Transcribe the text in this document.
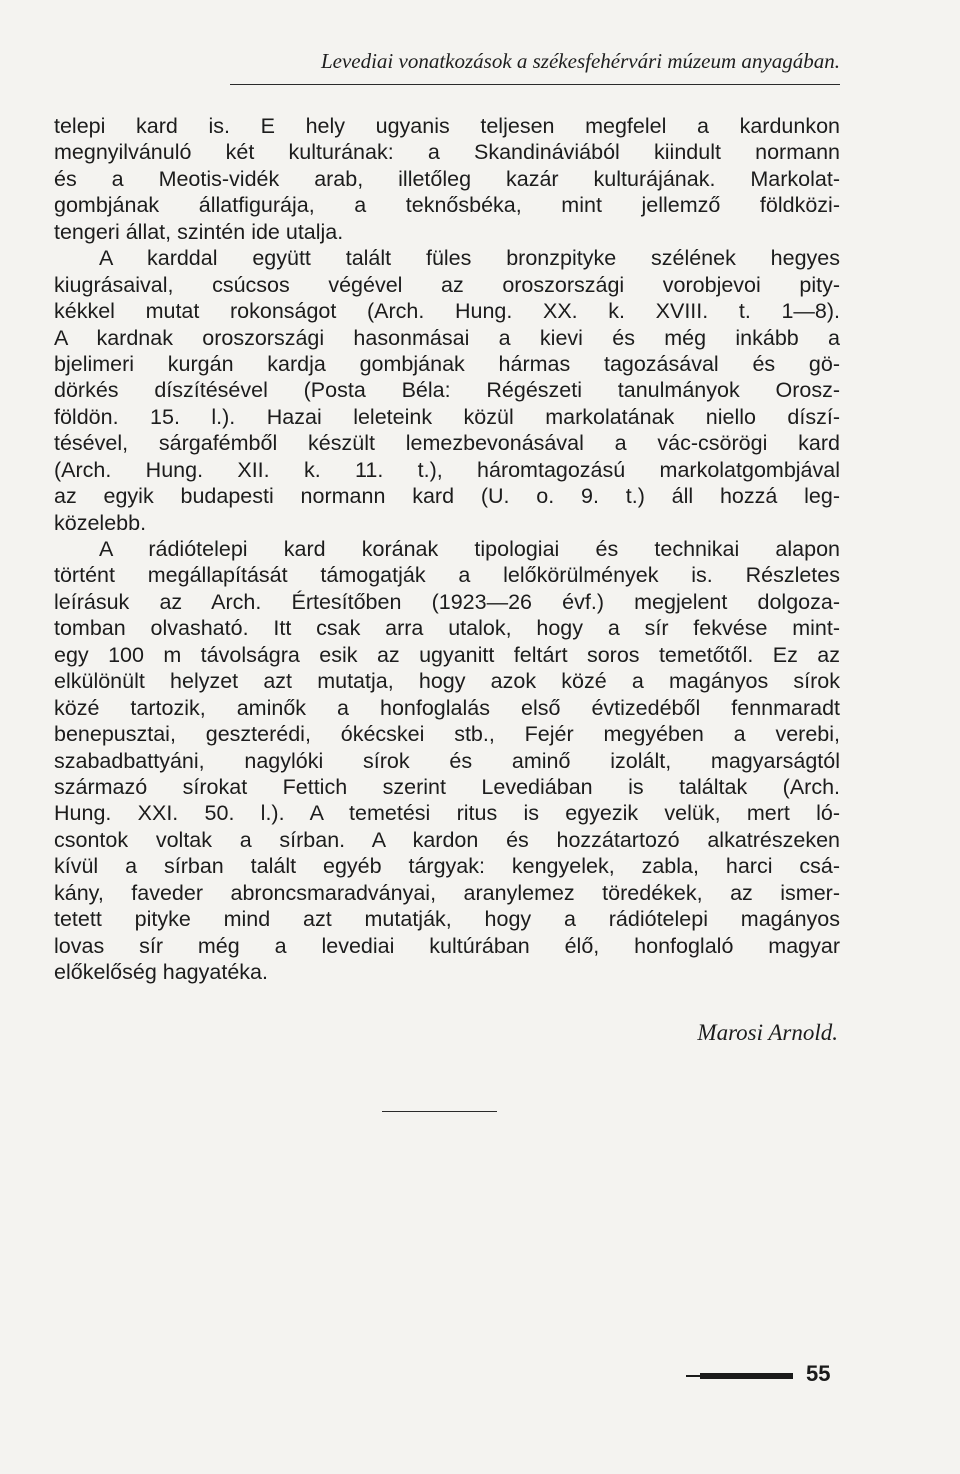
Levediai vonatkozások a székesfehérvári múzeum anyagában.
telepi kard is. E hely ugyanis teljesen megfelel a kardunkon
megnyilvánuló két kulturának: a Skandináviából kiindult normann
és a Meotis-vidék arab, illetőleg kazár kulturájának. Markolat-
gombjának állatfigurája, a teknősbéka, mint jellemző földközi-
tengeri állat, szintén ide utalja.
A karddal együtt talált füles bronzpityke szélének hegyes
kiugrásaival, csúcsos végével az oroszországi vorobjevoi pity-
kékkel mutat rokonságot (Arch. Hung. XX. k. XVIII. t. 1—8).
A kardnak oroszországi hasonmásai a kievi és még inkább a
bjelimeri kurgán kardja gombjának hármas tagozásával és gö-
dörkés díszítésével (Posta Béla: Régészeti tanulmányok Orosz-
földön. 15. l.). Hazai leleteink közül markolatának niello díszí-
tésével, sárgafémből készült lemezbevonásával a vác-csörögi kard
(Arch. Hung. XII. k. 11. t.), háromtagozású markolatgombjával
az egyik budapesti normann kard (U. o. 9. t.) áll hozzá leg-
közelebb.
A rádiótelepi kard korának tipologiai és technikai alapon
történt megállapítását támogatják a lelőkörülmények is. Részletes
leírásuk az Arch. Értesítőben (1923—26 évf.) megjelent dolgoza-
tomban olvasható. Itt csak arra utalok, hogy a sír fekvése mint-
egy 100 m távolságra esik az ugyanitt feltárt soros temetőtől. Ez az
elkülönült helyzet azt mutatja, hogy azok közé a magányos sírok
közé tartozik, aminők a honfoglalás első évtizedéből fennmaradt
benepusztai, geszterédi, ókécskei stb., Fejér megyében a verebi,
szabadbattyáni, nagylóki sírok és aminő izolált, magyarságtól
származó sírokat Fettich szerint Levediában is találtak (Arch.
Hung. XXI. 50. l.). A temetési ritus is egyezik velük, mert ló-
csontok voltak a sírban. A kardon és hozzátartozó alkatrészeken
kívül a sírban talált egyéb tárgyak: kengyelek, zabla, harci csá-
kány, faveder abroncsmaradványai, aranylemez töredékek, az ismer-
tetett pityke mind azt mutatják, hogy a rádiótelepi magányos
lovas sír még a levediai kultúrában élő, honfoglaló magyar
előkelőség hagyatéka.
Marosi Arnold.
55
